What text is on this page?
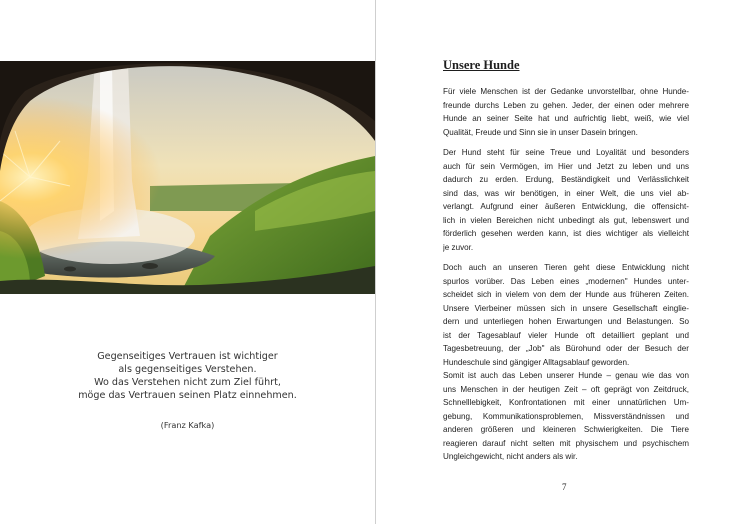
Gegenseitiges Vertrauen ist wichtiger
als gegenseitiges Verstehen.
Wo das Verstehen nicht zum Ziel führt,
möge das Vertrauen seinen Platz einnehmen.
(Franz Kafka)
Unsere Hunde
Für viele Menschen ist der Gedanke unvorstellbar, ohne Hunde-
freunde durchs Leben zu gehen. Jeder, der einen oder mehrere
Hunde an seiner Seite hat und aufrichtig liebt, weiß, wie viel
Qualität, Freude und Sinn sie in unser Dasein bringen.
Der Hund steht für seine Treue und Loyalität und besonders
auch für sein Vermögen, im Hier und Jetzt zu leben und uns
dadurch zu erden. Erdung, Beständigkeit und Verlässlichkeit
sind das, was wir benötigen, in einer Welt, die uns viel ab-
verlangt. Aufgrund einer äußeren Entwicklung, die offensicht-
lich in vielen Bereichen nicht unbedingt als gut, lebenswert und
förderlich gesehen werden kann, ist dies wichtiger als vielleicht
je zuvor.
Doch auch an unseren Tieren geht diese Entwicklung nicht
spurlos vorüber. Das Leben eines „modernen" Hundes unter-
scheidet sich in vielem von dem der Hunde aus früheren Zeiten.
Unsere Vierbeiner müssen sich in unsere Gesellschaft einglie-
dern und unterliegen hohen Erwartungen und Belastungen. So
ist der Tagesablauf vieler Hunde oft detailliert geplant und
Tagesbetreuung, der „Job" als Bürohund oder der Besuch der
Hundeschule sind gängiger Alltagsablauf geworden.
Somit ist auch das Leben unserer Hunde – genau wie das von
uns Menschen in der heutigen Zeit – oft geprägt von Zeitdruck,
Schnelllebigkeit, Konfrontationen mit einer unnatürlichen Um-
gebung, Kommunikationsproblemen, Missverständnissen und
anderen größeren und kleineren Schwierigkeiten. Die Tiere
reagieren darauf nicht selten mit physischem und psychischem
Ungleichgewicht, nicht anders als wir.
7
